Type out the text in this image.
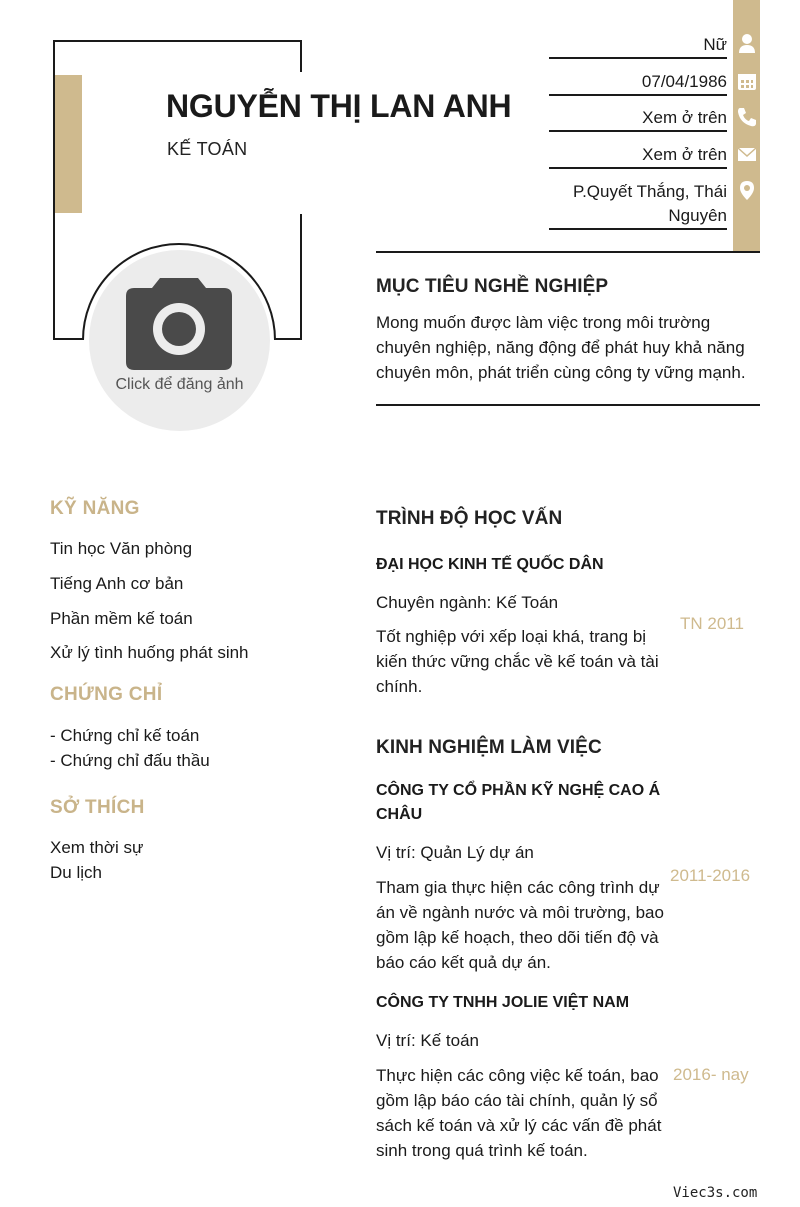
NGUYỄN THỊ LAN ANH
KẾ TOÁN
Click để đăng ảnh
Nữ
07/04/1986
Xem ở trên
Xem ở trên
P.Quyết Thắng, Thái Nguyên
MỤC TIÊU NGHỀ NGHIỆP
Mong muốn được làm việc trong môi trường chuyên nghiệp, năng động để phát huy khả năng chuyên môn, phát triển cùng công ty vững mạnh.
KỸ NĂNG
Tin học Văn phòng
Tiếng Anh cơ bản
Phần mềm kế toán
Xử lý tình huống phát sinh
CHỨNG CHỈ
- Chứng chỉ kế toán
- Chứng chỉ đấu thầu
SỞ THÍCH
Xem thời sự
Du lịch
TRÌNH ĐỘ HỌC VẤN
ĐẠI HỌC KINH TẾ QUỐC DÂN
Chuyên ngành: Kế Toán
Tốt nghiệp với xếp loại khá, trang bị kiến thức vững chắc về kế toán và tài chính.
TN 2011
KINH NGHIỆM LÀM VIỆC
CÔNG TY CỔ PHẦN KỸ NGHỆ CAO Á CHÂU
Vị trí: Quản Lý dự án
Tham gia thực hiện các công trình dự án về ngành nước và môi trường, bao gồm lập kế hoạch, theo dõi tiến độ và báo cáo kết quả dự án.
2011-2016
CÔNG TY TNHH JOLIE VIỆT NAM
Vị trí: Kế toán
Thực hiện các công việc kế toán, bao gồm lập báo cáo tài chính, quản lý sổ sách kế toán và xử lý các vấn đề phát sinh trong quá trình kế toán.
2016- nay
Viec3s.com
